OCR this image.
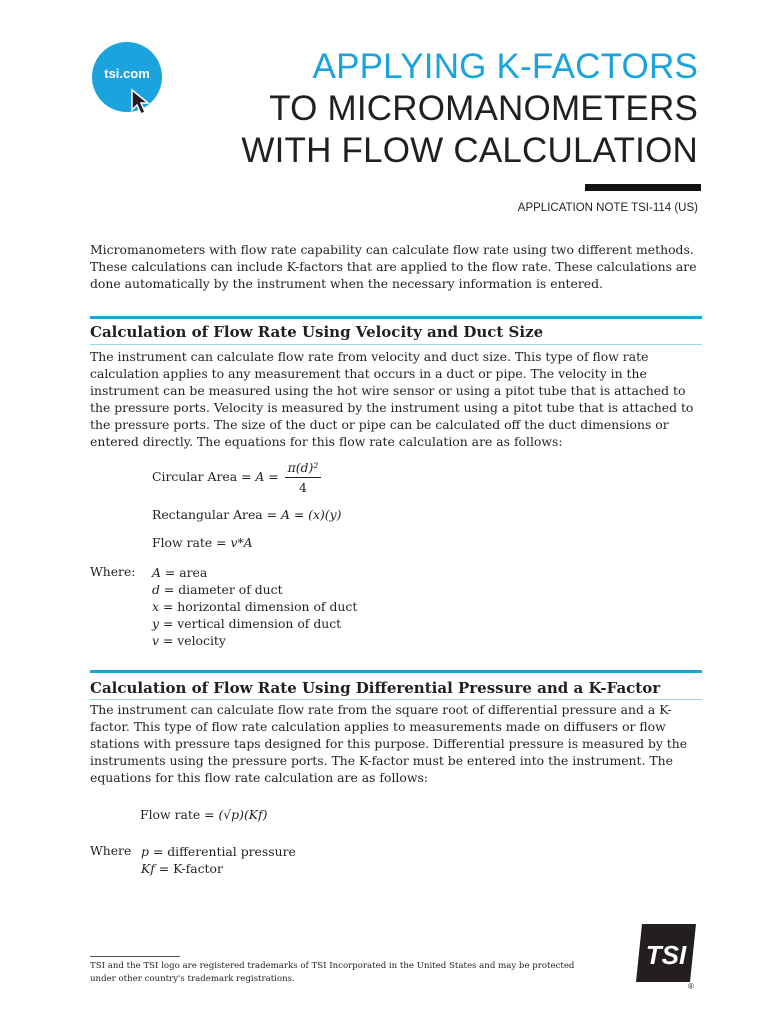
tsi.com	APPLYING K-FACTORS
TO MICROMANOMETERS
WITH FLOW CALCULATION
APPLICATION NOTE TSI-114 (US)
Micromanometers with flow rate capability can calculate flow rate using two different methods. These calculations can include K-factors that are applied to the flow rate. These calculations are done automatically by the instrument when the necessary information is entered.
Calculation of Flow Rate Using Velocity and Duct Size
The instrument can calculate flow rate from velocity and duct size. This type of flow rate calculation applies to any measurement that occurs in a duct or pipe. The velocity in the instrument can be measured using the hot wire sensor or using a pitot tube that is attached to the pressure ports. Velocity is measured by the instrument using a pitot tube that is attached to the pressure ports. The size of the duct or pipe can be calculated off the duct dimensions or entered directly. The equations for this flow rate calculation are as follows:
Circular Area = $A = \frac{\text{π(d)²}}{4}$
Rectangular Area = A = (x)(y)
Flow rate = v*A
Where: A = area
d = diameter of duct
x = horizontal dimension of duct
y = vertical dimension of duct
v = velocity
Calculation of Flow Rate Using Differential Pressure and a K-Factor
The instrument can calculate flow rate from the square root of differential pressure and a K-factor. This type of flow rate calculation applies to measurements made on diffusers or flow stations with pressure taps designed for this purpose. Differential pressure is measured by the instruments using the pressure ports. The K-factor must be entered into the instrument. The equations for this flow rate calculation are as follows:
Flow rate = (√p)(Kf)
Where p = differential pressure
Kf = K-factor
TSI and the TSI logo are registered trademarks of TSI Incorporated in the United States and may be protected under other country's trademark registrations.
TSI
®
